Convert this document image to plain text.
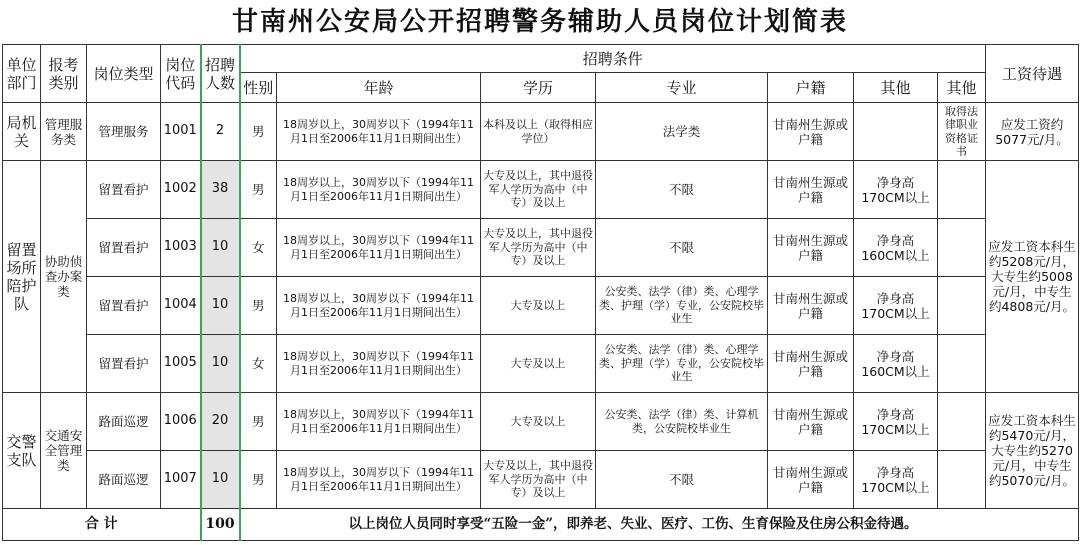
甘南州公安局公开招聘警务辅助人员岗位计划简表
单位部门	报考类别	岗位类型	岗位代码	招聘人数	招聘条件							工资待遇
					性别	年龄	学历	专业	户籍	其他	其他	
局机关	管理服务类	管理服务	1001	2	男	18周岁以上，30周岁以下（1994年11月1日至2006年11月1日期间出生）	本科及以上（取得相应学位）	法学类	甘南州生源或户籍		取得法律职业资格证书	应发工资约5077元/月。
留置场所陪护队	协助侦查办案类	留置看护	1002	38	男	18周岁以上，30周岁以下（1994年11月1日至2006年11月1日期间出生）	大专及以上，其中退役军人学历为高中（中专）及以上	不限	甘南州生源或户籍	净身高170CM以上		应发工资本科生约5208元/月，大专生约5008元/月，中专生约4808元/月。
		留置看护	1003	10	女	18周岁以上，30周岁以下（1994年11月1日至2006年11月1日期间出生）	大专及以上，其中退役军人学历为高中（中专）及以上	不限	甘南州生源或户籍	净身高160CM以上		
		留置看护	1004	10	男	18周岁以上，30周岁以下（1994年11月1日至2006年11月1日期间出生）	大专及以上	公安类、法学（律）类、心理学类、护理（学）专业，公安院校毕业生	甘南州生源或户籍	净身高170CM以上		
		留置看护	1005	10	女	18周岁以上，30周岁以下（1994年11月1日至2006年11月1日期间出生）	大专及以上	公安类、法学（律）类、心理学类、护理（学）专业，公安院校毕业生	甘南州生源或户籍	净身高160CM以上		
交警支队	交通安全管理类	路面巡逻	1006	20	男	18周岁以上，30周岁以下（1994年11月1日至2006年11月1日期间出生）	大专及以上	公安类、法学（律）类、计算机类，公安院校毕业生	甘南州生源或户籍	净身高170CM以上		应发工资本科生约5470元/月，大专生约5270元/月，中专生约5070元/月。
		路面巡逻	1007	10	男	18周岁以上，30周岁以下（1994年11月1日至2006年11月1日期间出生）	大专及以上，其中退役军人学历为高中（中专）及以上	不限	甘南州生源或户籍	净身高170CM以上		
合 计				100	以上岗位人员同时享受“五险一金”，即养老、失业、医疗、工伤、生育保险及住房公积金待遇。							
